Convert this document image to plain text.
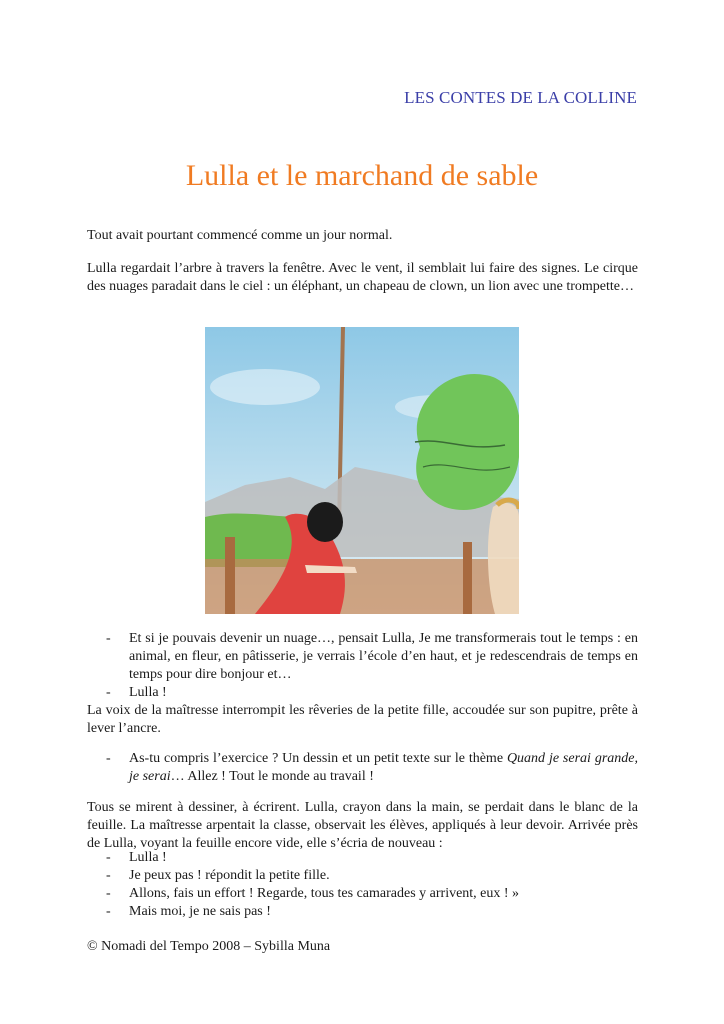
LES CONTES DE LA COLLINE
Lulla et le marchand de sable
Tout avait pourtant commencé comme un jour normal.
Lulla regardait l’arbre à travers la fenêtre. Avec le vent, il semblait lui faire des signes. Le cirque des nuages paradait dans le ciel : un éléphant, un chapeau de clown, un lion avec une trompette…
- Et si je pouvais devenir un nuage…, pensait Lulla, Je me transformerais tout le temps : en animal, en fleur, en pâtisserie, je verrais l’école d’en haut, et je redescendrais de temps en temps pour dire bonjour et…
- Lulla !
La voix de la maîtresse interrompit les rêveries de la petite fille, accoudée sur son pupitre, prête à lever l’ancre.
- As-tu compris l’exercice ? Un dessin et un petit texte sur le thème Quand je serai grande, je serai… Allez ! Tout le monde au travail !
Tous se mirent à dessiner, à écrirent. Lulla, crayon dans la main, se perdait dans le blanc de la feuille. La maîtresse arpentait la classe, observait les élèves, appliqués à leur devoir. Arrivée près de Lulla, voyant la feuille encore vide, elle s’écria de nouveau :
- Lulla !
- Je peux pas ! répondit la petite fille.
- Allons, fais un effort ! Regarde, tous tes camarades y arrivent, eux ! »
- Mais moi, je ne sais pas !
© Nomadi del Tempo 2008 – Sybilla Muna
